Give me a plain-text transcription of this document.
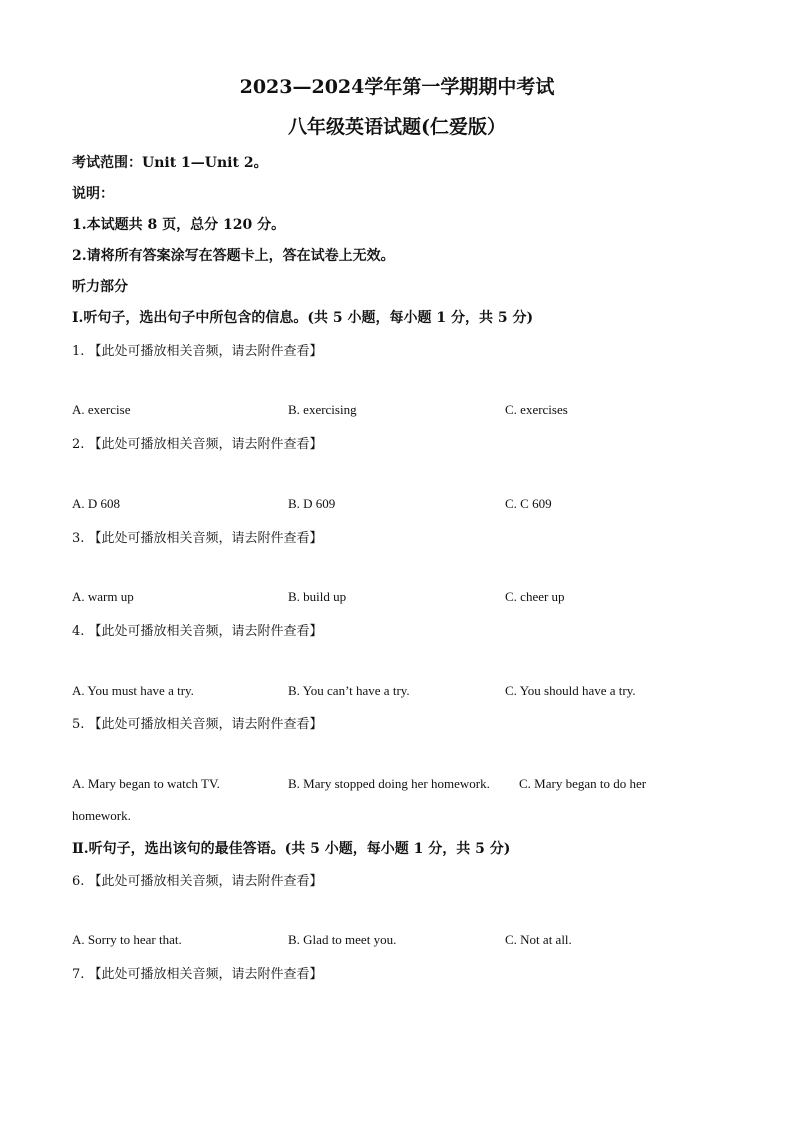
2023—2024学年第一学期期中考试
八年级英语试题(仁爱版）
考试范围：Unit 1—Unit 2。
说明：
1.本试题共 8 页，总分 120 分。
2.请将所有答案涂写在答题卡上，答在试卷上无效。
听力部分
Ⅰ.听句子，选出句子中所包含的信息。(共 5 小题，每小题 1 分，共 5 分)
1. 【此处可播放相关音频，请去附件查看】
A. exercise	B. exercising	C. exercises
2. 【此处可播放相关音频，请去附件查看】
A. D 608	B. D 609	C. C 609
3. 【此处可播放相关音频，请去附件查看】
A. warm up	B. build up	C. cheer up
4. 【此处可播放相关音频，请去附件查看】
A. You must have a try.	B. You can’t have a try.	C. You should have a try.
5. 【此处可播放相关音频，请去附件查看】
A. Mary began to watch TV.	B. Mary stopped doing her homework. C. Mary began to do her
homework.
Ⅱ.听句子，选出该句的最佳答语。(共 5 小题，每小题 1 分，共 5 分)
6. 【此处可播放相关音频，请去附件查看】
A. Sorry to hear that.	B. Glad to meet you.	C. Not at all.
7. 【此处可播放相关音频，请去附件查看】
